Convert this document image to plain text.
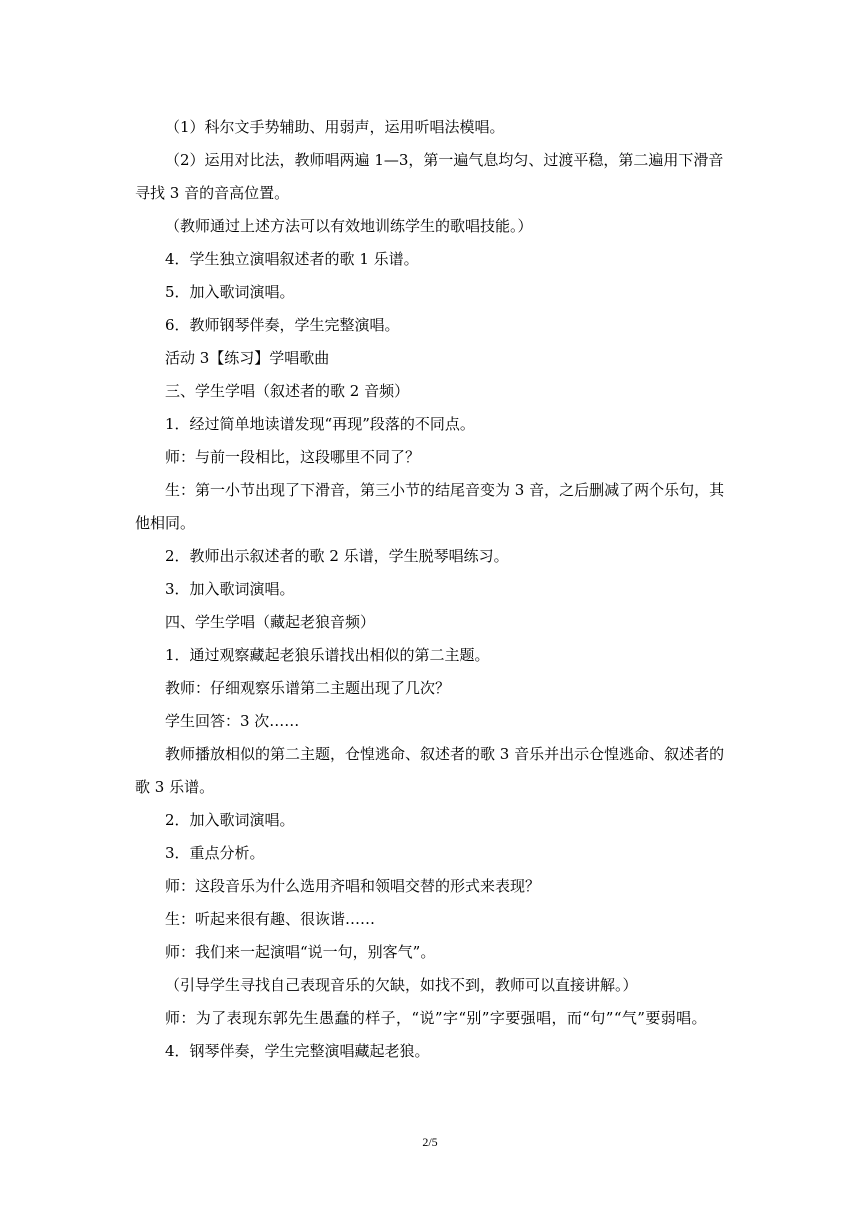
（1）科尔文手势辅助、用弱声，运用听唱法模唱。

（2）运用对比法，教师唱两遍 1—3，第一遍气息均匀、过渡平稳，第二遍用下滑音寻找 3 音的音高位置。

（教师通过上述方法可以有效地训练学生的歌唱技能。）

4．学生独立演唱叙述者的歌 1 乐谱。

5．加入歌词演唱。

6．教师钢琴伴奏，学生完整演唱。

活动 3【练习】学唱歌曲

三、学生学唱（叙述者的歌 2 音频）

1．经过简单地读谱发现“再现”段落的不同点。

师：与前一段相比，这段哪里不同了？

生：第一小节出现了下滑音，第三小节的结尾音变为 3 音，之后删减了两个乐句，其他相同。

2．教师出示叙述者的歌 2 乐谱，学生脱琴唱练习。

3．加入歌词演唱。

四、学生学唱（藏起老狼音频）

1．通过观察藏起老狼乐谱找出相似的第二主题。

教师：仔细观察乐谱第二主题出现了几次？

学生回答：3 次……

教师播放相似的第二主题，仓惶逃命、叙述者的歌 3 音乐并出示仓惶逃命、叙述者的歌 3 乐谱。

2．加入歌词演唱。

3．重点分析。

师：这段音乐为什么选用齐唱和领唱交替的形式来表现？

生：听起来很有趣、很诙谐……

师：我们来一起演唱“说一句，别客气”。

（引导学生寻找自己表现音乐的欠缺，如找不到，教师可以直接讲解。）

师：为了表现东郭先生愚蠢的样子，“说”字“别”字要强唱，而“句”“气”要弱唱。

4．钢琴伴奏，学生完整演唱藏起老狼。

2/5
